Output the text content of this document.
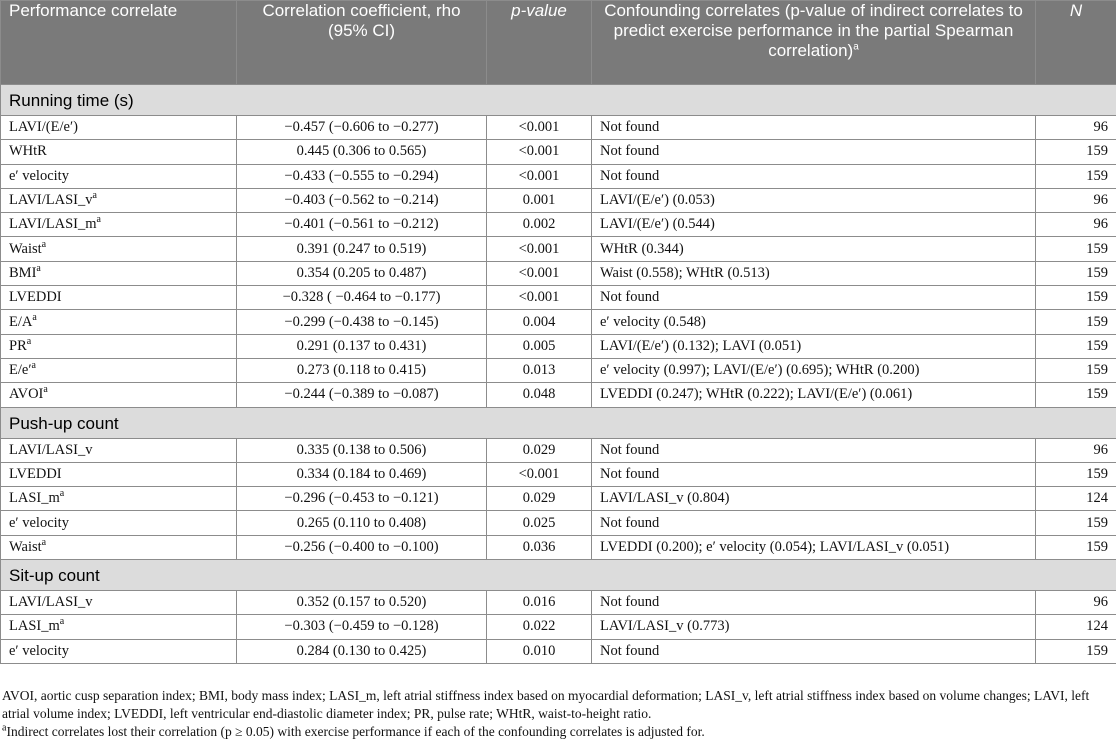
Performance correlate	Correlation coefficient, rho (95% CI)	p-value	Confounding correlates (p-value of indirect correlates to predict exercise performance in the partial Spearman correlation)$^a$	N
Running time (s)				
LAVI/(E/e′)	−0.457 (−0.606 to −0.277)	<0.001	Not found	96
WHtR	0.445 (0.306 to 0.565)	<0.001	Not found	159
e′ velocity	−0.433 (−0.555 to −0.294)	<0.001	Not found	159
LAVI/$LASI\_v^a$	−0.403 (−0.562 to −0.214)	0.001	LAVI/(E/e′) (0.053)	96
LAVI/$LASI\_m^a$	−0.401 (−0.561 to −0.212)	0.002	LAVI/(E/e′) (0.544)	96
Waist$^a$	0.391 (0.247 to 0.519)	<0.001	WHtR (0.344)	159
BMI$^a$	0.354 (0.205 to 0.487)	<0.001	Waist (0.558); WHtR (0.513)	159
LVEDDI	−0.328 ( −0.464 to −0.177)	<0.001	Not found	159
$E/A^a$	−0.299 (−0.438 to −0.145)	0.004	e′ velocity (0.548)	159
$PR^a$	0.291 (0.137 to 0.431)	0.005	LAVI/(E/e′) (0.132); LAVI (0.051)	159
$E/e'^a$	0.273 (0.118 to 0.415)	0.013	e′ velocity (0.997); LAVI/(E/e′) (0.695); WHtR (0.200)	159
$AVOI^a$	−0.244 (−0.389 to −0.087)	0.048	LVEDDI (0.247); WHtR (0.222); LAVI/(E/e′) (0.061)	159
Push-up count				
LAVI/LASI_v	0.335 (0.138 to 0.506)	0.029	Not found	96
LVEDDI	0.334 (0.184 to 0.469)	<0.001	Not found	159
$LASI\_m^a$	−0.296 (−0.453 to −0.121)	0.029	LAVI/LASI_v (0.804)	124
e′ velocity	0.265 (0.110 to 0.408)	0.025	Not found	159
Waist$^a$	−0.256 (−0.400 to −0.100)	0.036	LVEDDI (0.200); e′ velocity (0.054); LAVI/LASI_v (0.051)	159
Sit-up count				
LAVI/LASI_v	0.352 (0.157 to 0.520)	0.016	Not found	96
$LASI\_m^a$	−0.303 (−0.459 to −0.128)	0.022	LAVI/LASI_v (0.773)	124
e′ velocity	0.284 (0.130 to 0.425)	0.010	Not found	159

AVOI, aortic cusp separation index; BMI, body mass index; LASI_m, left atrial stiffness index based on myocardial deformation; LASI_v, left atrial stiffness index based on volume changes; LAVI, left atrial volume index; LVEDDI, left ventricular end-diastolic diameter index; PR, pulse rate; WHtR, waist-to-height ratio.

$^a$Indirect correlates lost their correlation (p ≥ 0.05) with exercise performance if each of the confounding correlates is adjusted for.
